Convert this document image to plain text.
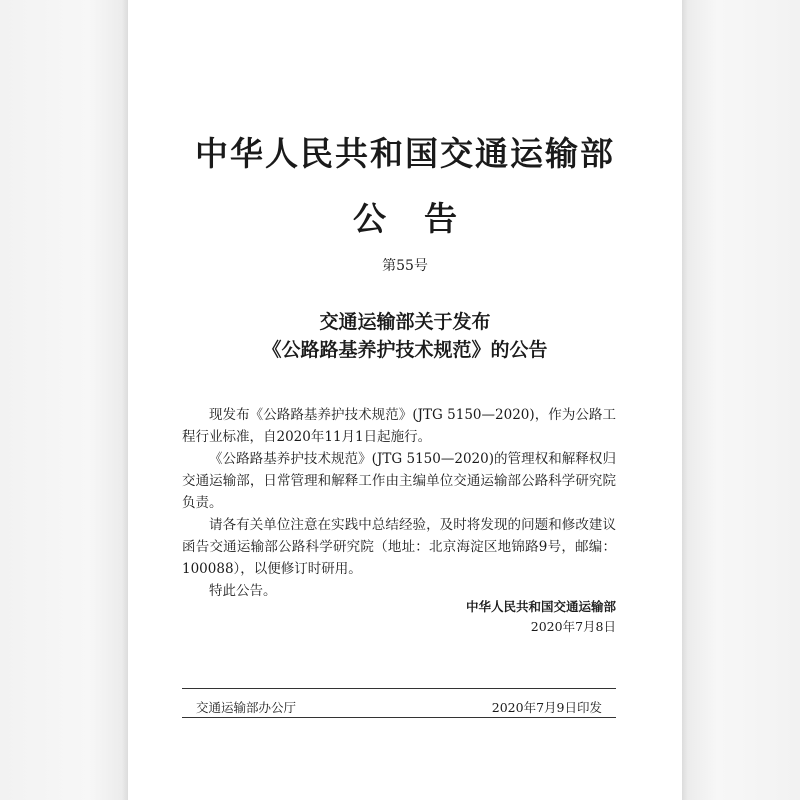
中华人民共和国交通运输部
公告
第55号
交通运输部关于发布
《公路路基养护技术规范》的公告

现发布《公路路基养护技术规范》(JTG 5150—2020)，作为公路工程行业标准，自2020年11月1日起施行。

《公路路基养护技术规范》(JTG 5150—2020)的管理权和解释权归交通运输部，日常管理和解释工作由主编单位交通运输部公路科学研究院负责。

请各有关单位注意在实践中总结经验，及时将发现的问题和修改建议函告交通运输部公路科学研究院（地址：北京海淀区地锦路9号，邮编：100088），以便修订时研用。

特此公告。

中华人民共和国交通运输部
2020年7月8日
交通运输部办公厅	2020年7月9日印发
